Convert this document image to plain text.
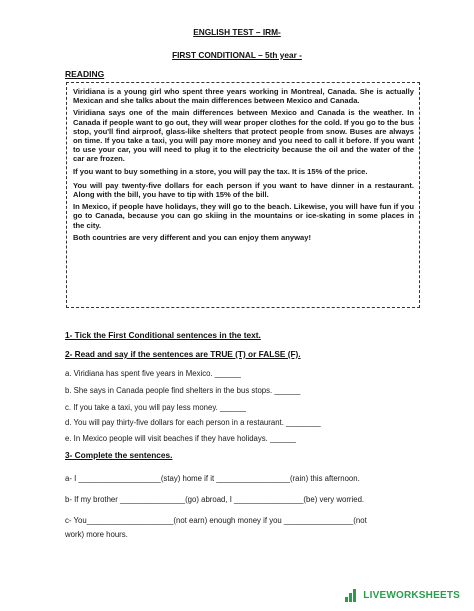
ENGLISH TEST – IRM-
FIRST CONDITIONAL – 5th year -
READING

Viridiana is a young girl who spent three years working in Montreal, Canada. She is actually Mexican and she talks about the main differences between Mexico and Canada.

Viridiana says one of the main differences between Mexico and Canada is the weather. In Canada if people want to go out, they will wear proper clothes for the cold. If you go to the bus stop, you'll find airproof, glass-like shelters that protect people from snow. Buses are always on time. If you take a taxi, you will pay more money and you need to call it before. If you want to use your car, you will need to plug it to the electricity because the oil and the water of the car are frozen.

If you want to buy something in a store, you will pay the tax. It is 15% of the price.

You will pay twenty-five dollars for each person if you want to have dinner in a restaurant. Along with the bill, you have to tip with 15% of the bill.

In Mexico, if people have holidays, they will go to the beach. Likewise, you will have fun if you go to Canada, because you can go skiing in the mountains or ice-skating in some places in the city.

Both countries are very different and you can enjoy them anyway!

1- Tick the First Conditional sentences in the text.
2- Read and say if the sentences are TRUE (T) or FALSE (F).
a. Viridiana has spent five years in Mexico. ______
b. She says in Canada people find shelters in the bus stops. ______
c. If you take a taxi, you will pay less money. ______
d. You will pay thirty-five dollars for each person in a restaurant. ________
e. In Mexico people will visit beaches if they have holidays. ______
3- Complete the sentences.
a- I ___________________(stay) home if it _________________(rain) this afternoon.
b- If my brother _______________(go) abroad, I ________________(be) very worried.
c- You____________________(not earn) enough money if you ________________(not
work) more hours.
LIVEWORKSHEETS
